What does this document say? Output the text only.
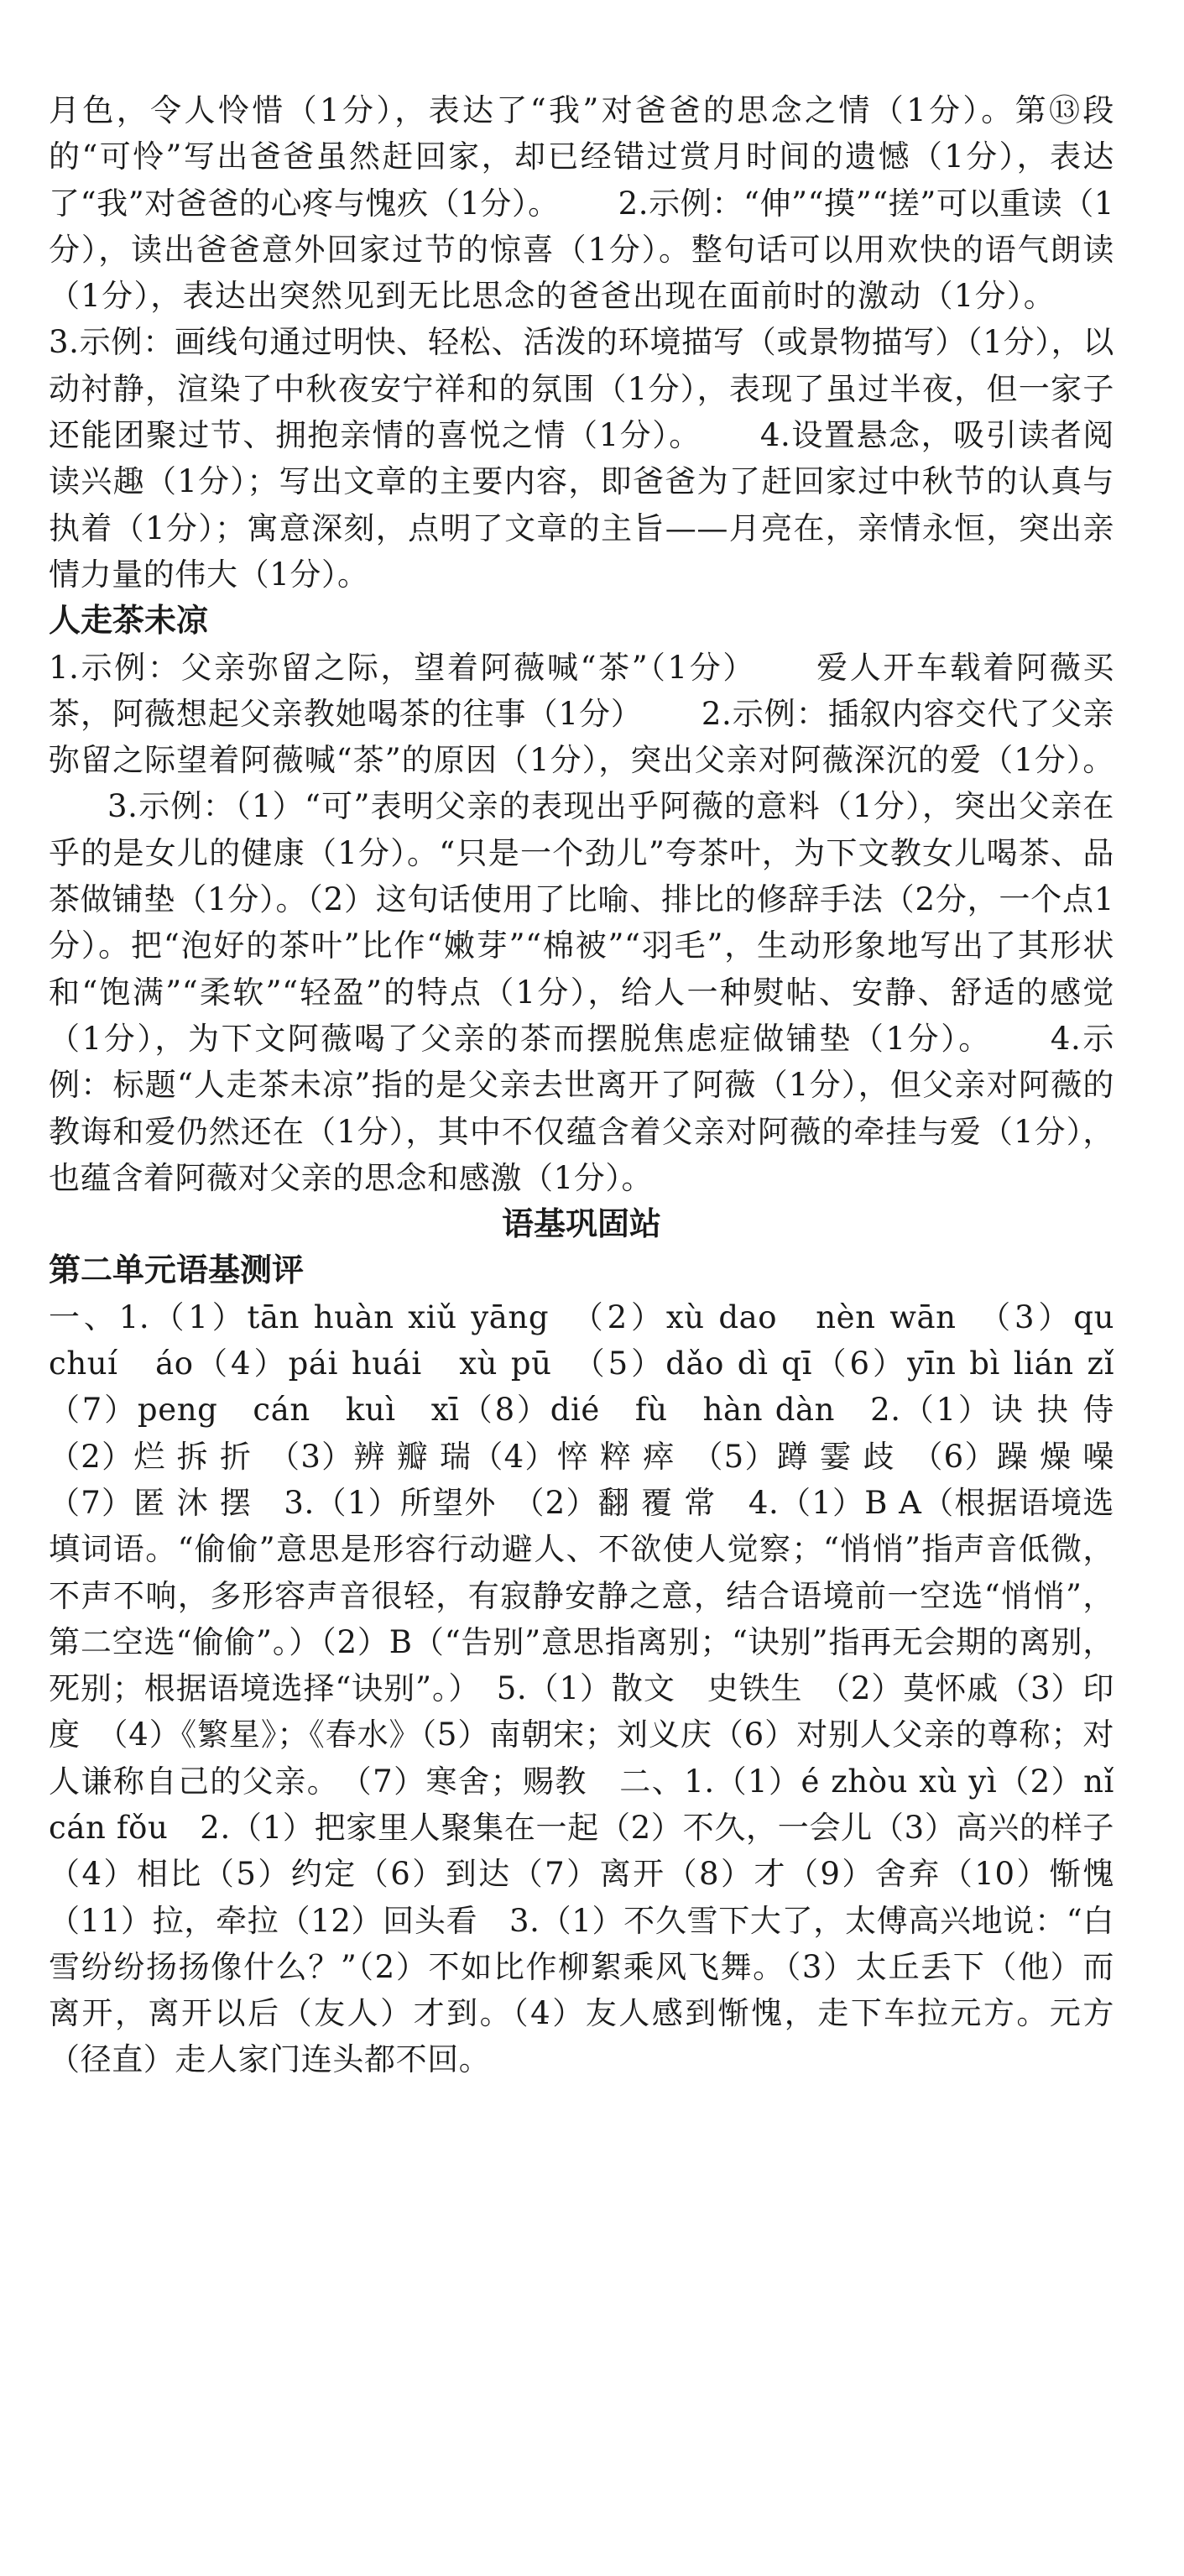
月色，令人怜惜（1分），表达了“我”对爸爸的思念之情（1分）。第⑬段的“可怜”写出爸爸虽然赶回家，却已经错过赏月时间的遗憾（1分），表达了“我”对爸爸的心疼与愧疚（1分）。 2.示例：“伸”“摸”“搓”可以重读（1分），读出爸爸意外回家过节的惊喜（1分）。整句话可以用欢快的语气朗读（1分），表达出突然见到无比思念的爸爸出现在面前时的激动（1分）。3.示例：画线句通过明快、轻松、活泼的环境描写（或景物描写）（1分），以动衬静，渲染了中秋夜安宁祥和的氛围（1分），表现了虽过半夜，但一家子还能团聚过节、拥抱亲情的喜悦之情（1分）。 4.设置悬念，吸引读者阅读兴趣（1分）；写出文章的主要内容，即爸爸为了赶回家过中秋节的认真与执着（1分）；寓意深刻，点明了文章的主旨——月亮在，亲情永恒，突出亲情力量的伟大（1分）。

人走茶未凉

1.示例：父亲弥留之际，望着阿薇喊“茶”（1分） 爱人开车载着阿薇买茶，阿薇想起父亲教她喝茶的往事（1分） 2.示例：插叙内容交代了父亲弥留之际望着阿薇喊“茶”的原因（1分），突出父亲对阿薇深沉的爱（1分）。3.示例：（1）“可”表明父亲的表现出乎阿薇的意料（1分），突出父亲在乎的是女儿的健康（1分）。“只是一个劲儿”夸茶叶，为下文教女儿喝茶、品茶做铺垫（1分）。（2）这句话使用了比喻、排比的修辞手法（2分，一个点1分）。把“泡好的茶叶”比作“嫩芽”“棉被”“羽毛”，生动形象地写出了其形状和“饱满”“柔软”“轻盈”的特点（1分），给人一种熨帖、安静、舒适的感觉（1分），为下文阿薇喝了父亲的茶而摆脱焦虑症做铺垫（1分）。 4.示例：标题“人走茶未凉”指的是父亲去世离开了阿薇（1分），但父亲对阿薇的教诲和爱仍然还在（1分），其中不仅蕴含着父亲对阿薇的牵挂与爱（1分），也蕴含着阿薇对父亲的思念和感激（1分）。

语基巩固站

第二单元语基测评

一、1.（1）tān huàn xiǔ yāng　（2）xù dao　nèn wān　（3）qu　chuí　áo（4）pái huái　xù pū　（5）dǎo dì qī（6）yīn bì lián zǐ　（7）peng　cán　kuì　xī（8）dié　fù　hàn dàn　2.（1）诀 抉 侍　（2）烂 拆 折　（3）辨 瓣 瑞（4）悴 粹 瘁　（5）蹲 霎 歧　（6）躁 燥 噪　（7）匿 沐 摆　3.（1）所望外　（2）翻 覆 常　4.（1）B A（根据语境选填词语。“偷偷”意思是形容行动避人、不欲使人觉察；“悄悄”指声音低微，不声不响，多形容声音很轻，有寂静安静之意，结合语境前一空选“悄悄”，第二空选“偷偷”。）（2）B（“告别”意思指离别；“诀别”指再无会期的离别，死别；根据语境选择“诀别”。）　5.（1）散文　史铁生　（2）莫怀戚（3）印度　（4）《繁星》；《春水》（5）南朝宋；刘义庆（6）对别人父亲的尊称；对人谦称自己的父亲。　（7）寒舍；赐教　二、1.（1）é zhòu xù yì（2）nǐ cán fǒu　2.（1）把家里人聚集在一起（2）不久，一会儿（3）高兴的样子（4）相比（5）约定（6）到达（7）离开（8）才（9）舍弃（10）惭愧（11）拉，牵拉（12）回头看　3.（1）不久雪下大了，太傅高兴地说：“白雪纷纷扬扬像什么？”（2）不如比作柳絮乘风飞舞。（3）太丘丢下（他）而离开，离开以后（友人）才到。（4）友人感到惭愧，走下车拉元方。元方（径直）走人家门连头都不回。
